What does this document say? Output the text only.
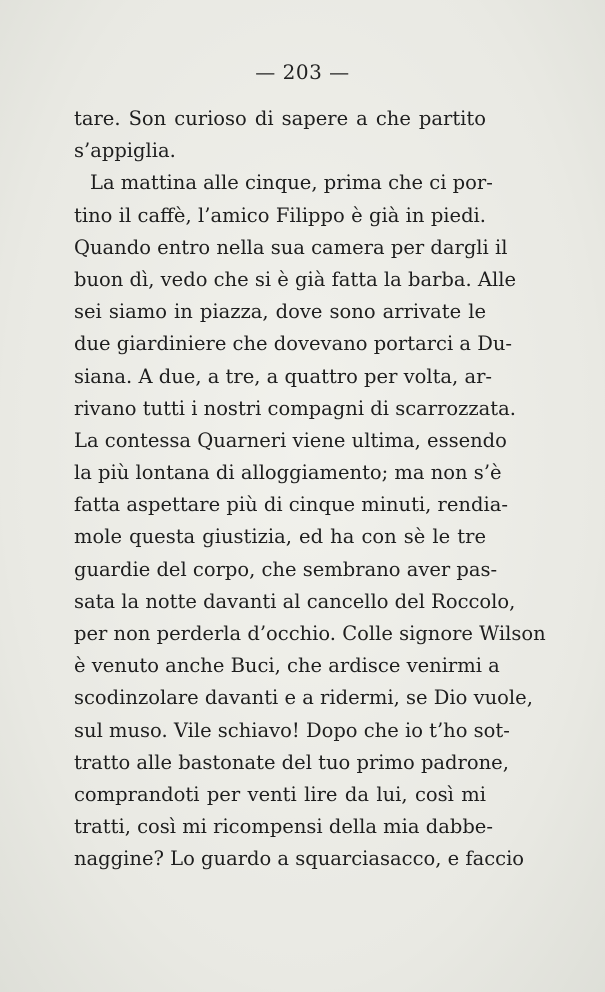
— 203 —
tare. Son curioso di sapere a che partito
s’appiglia.
La mattina alle cinque, prima che ci por-
tino il caffè, l’amico Filippo è già in piedi.
Quando entro nella sua camera per dargli il
buon dì, vedo che si è già fatta la barba. Alle
sei siamo in piazza, dove sono arrivate le
due giardiniere che dovevano portarci a Du-
siana. A due, a tre, a quattro per volta, ar-
rivano tutti i nostri compagni di scarrozzata.
La contessa Quarneri viene ultima, essendo
la più lontana di alloggiamento; ma non s’è
fatta aspettare più di cinque minuti, rendia-
mole questa giustizia, ed ha con sè le tre
guardie del corpo, che sembrano aver pas-
sata la notte davanti al cancello del Roccolo,
per non perderla d’occhio. Colle signore Wilson
è venuto anche Buci, che ardisce venirmi a
scodinzolare davanti e a ridermi, se Dio vuole,
sul muso. Vile schiavo! Dopo che io t’ho sot-
tratto alle bastonate del tuo primo padrone,
comprandoti per venti lire da lui, così mi
tratti, così mi ricompensi della mia dabbe-
naggine? Lo guardo a squarciasacco, e faccio
